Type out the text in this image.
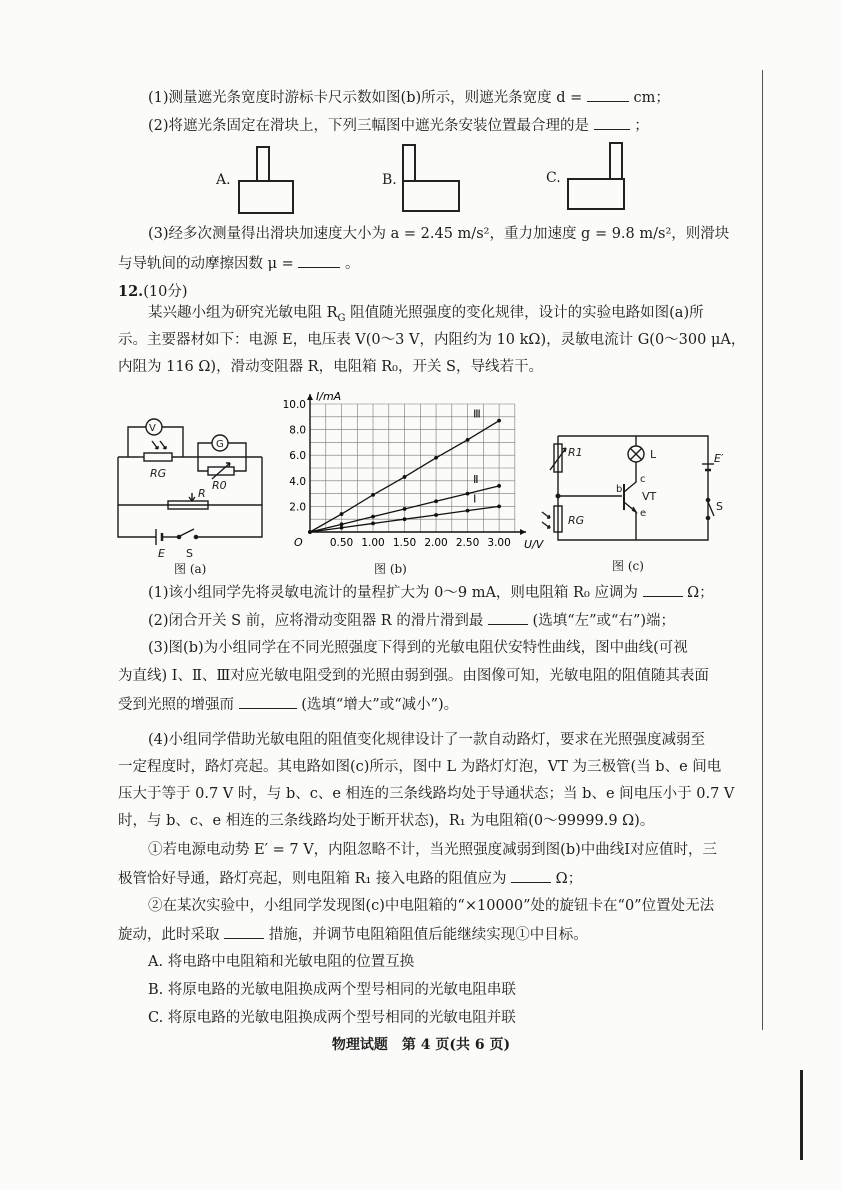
(1)测量遮光条宽度时游标卡尺示数如图(b)所示，则遮光条宽度 d =	cm；
(2)将遮光条固定在滑块上，下列三幅图中遮光条安装位置最合理的是	；
A.	B.	C.
(3)经多次测量得出滑块加速度大小为 a = 2.45 m/s²，重力加速度 g = 9.8 m/s²，则滑块
与导轨间的动摩擦因数 μ =	。
12.(10分)
某兴趣小组为研究光敏电阻 $R_G$ 阻值随光照强度的变化规律，设计的实验电路如图(a)所
示。主要器材如下：电源 E，电压表 V(0～3 V，内阻约为 10 kΩ)，灵敏电流计 G(0～300 μA，
内阻为 116 Ω)，滑动变阻器 R，电阻箱 R₀，开关 S，导线若干。
V
G
RG
R0
R
E S
图 (a)
0.50 1.00 1.50 2.00 2.50 3.00
2.0
4.0
6.0
8.0
10.0
Ⅰ
Ⅱ
Ⅲ
I/mA
U/V
O
图 (b)
R1
RG
L	E′
S
b
c
e
VT
图 (c)
(1)该小组同学先将灵敏电流计的量程扩大为 0～9 mA，则电阻箱 R₀ 应调为	Ω；
(2)闭合开关 S 前，应将滑动变阻器 R 的滑片滑到最	(选填“左”或“右”)端；
(3)图(b)为小组同学在不同光照强度下得到的光敏电阻伏安特性曲线，图中曲线(可视
为直线) Ⅰ、Ⅱ、Ⅲ对应光敏电阻受到的光照由弱到强。由图像可知，光敏电阻的阻值随其表面
受到光照的增强而	(选填“增大”或“减小”)。
(4)小组同学借助光敏电阻的阻值变化规律设计了一款自动路灯，要求在光照强度减弱至
一定程度时，路灯亮起。其电路如图(c)所示，图中 L 为路灯灯泡，VT 为三极管(当 b、e 间电
压大于等于 0.7 V 时，与 b、c、e 相连的三条线路均处于导通状态；当 b、e 间电压小于 0.7 V
时，与 b、c、e 相连的三条线路均处于断开状态)，R₁ 为电阻箱(0～99999.9 Ω)。
①若电源电动势 E′ = 7 V，内阻忽略不计，当光照强度减弱到图(b)中曲线Ⅰ对应值时，三
极管恰好导通，路灯亮起，则电阻箱 R₁ 接入电路的阻值应为	Ω；
②在某次实验中，小组同学发现图(c)中电阻箱的“×10000”处的旋钮卡在“0”位置处无法
旋动，此时采取	措施，并调节电阻箱阻值后能继续实现①中目标。
A. 将电路中电阻箱和光敏电阻的位置互换
B. 将原电路的光敏电阻换成两个型号相同的光敏电阻串联
C. 将原电路的光敏电阻换成两个型号相同的光敏电阻并联
物理试题　第 4 页(共 6 页)
